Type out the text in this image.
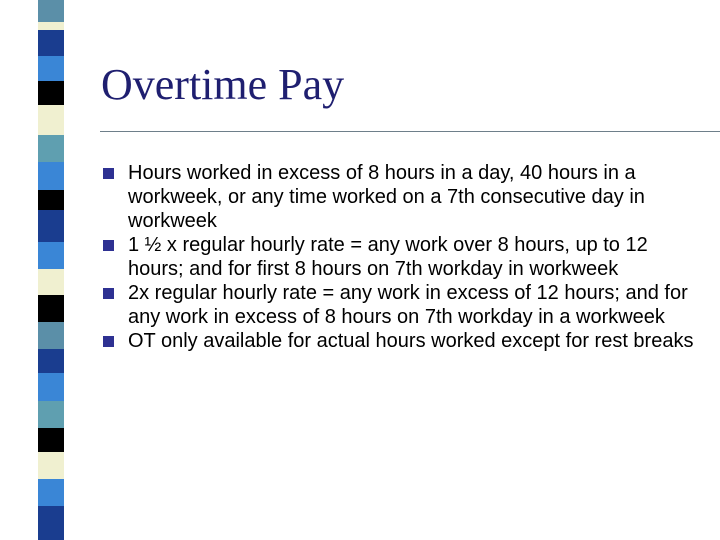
Overtime Pay
Hours worked in excess of 8 hours in a day, 40 hours in a workweek, or any time worked on a 7th consecutive day in workweek
1 ½ x regular hourly rate = any work over 8 hours, up to 12 hours; and for first 8 hours on 7th workday in workweek
2x regular hourly rate = any work in excess of 12 hours; and for any work in excess of 8 hours on 7th workday in a workweek
OT only available for actual hours worked except for rest breaks
